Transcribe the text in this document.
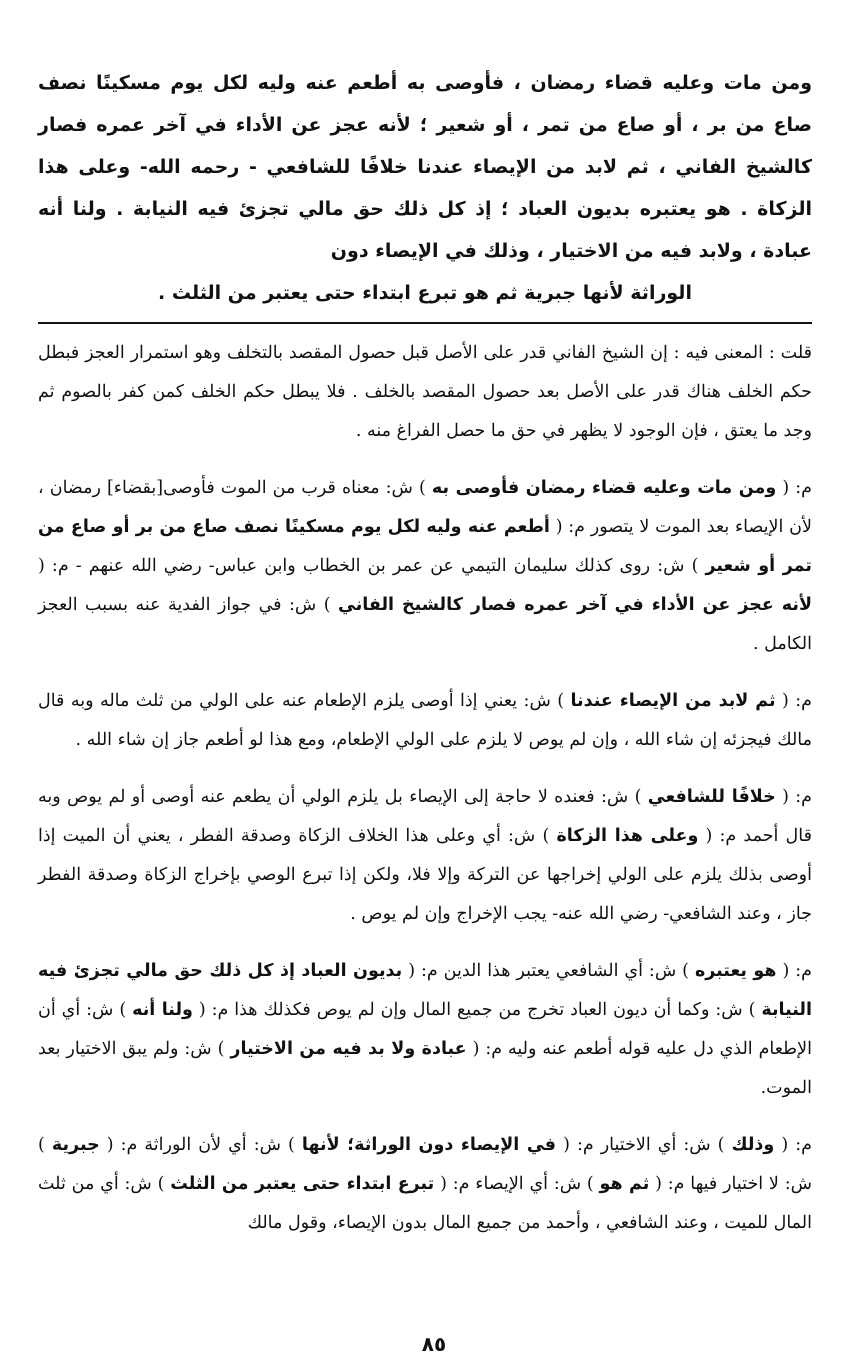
ومن مات وعليه قضاء رمضان ، فأوصى به أطعم عنه وليه لكل يوم مسكينًا نصف صاع من بر ، أو صاع من تمر ، أو شعير ؛ لأنه عجز عن الأداء في آخر عمره فصار كالشيخ الفاني ، ثم لابد من الإيصاء عندنا خلافًا للشافعي - رحمه الله- وعلى هذا الزكاة . هو يعتبره بديون العباد ؛ إذ كل ذلك حق مالي تجزئ فيه النيابة . ولنا أنه عبادة ، ولابد فيه من الاختيار ، وذلك في الإيصاء دون

الوراثة لأنها جبرية ثم هو تبرع ابتداء حتى يعتبر من الثلث .

قلت : المعنى فيه : إن الشيخ الفاني قدر على الأصل قبل حصول المقصد بالتخلف وهو استمرار العجز فبطل حكم الخلف هناك قدر على الأصل بعد حصول المقصد بالخلف . فلا يبطل حكم الخلف كمن كفر بالصوم ثم وجد ما يعتق ، فإن الوجود لا يظهر في حق ما حصل الفراغ منه .

م: ( ومن مات وعليه قضاء رمضان فأوصى به ) ش: معناه قرب من الموت فأوصى[بقضاء] رمضان ، لأن الإيصاء بعد الموت لا يتصور م: ( أطعم عنه وليه لكل يوم مسكينًا نصف صاع من بر أو صاع من تمر أو شعير ) ش: روى كذلك سليمان التيمي عن عمر بن الخطاب وابن عباس- رضي الله عنهم - م: ( لأنه عجز عن الأداء في آخر عمره فصار كالشيخ الفاني ) ش: في جواز الفدية عنه بسبب العجز الكامل .

م: ( ثم لابد من الإيصاء عندنا ) ش: يعني إذا أوصى يلزم الإطعام عنه على الولي من ثلث ماله وبه قال مالك فيجزئه إن شاء الله ، وإن لم يوص لا يلزم على الولي الإطعام، ومع هذا لو أطعم جاز إن شاء الله .

م: ( خلافًا للشافعي ) ش: فعنده لا حاجة إلى الإيصاء بل يلزم الولي أن يطعم عنه أوصى أو لم يوص وبه قال أحمد م: ( وعلى هذا الزكاة ) ش: أي وعلى هذا الخلاف الزكاة وصدقة الفطر ، يعني أن الميت إذا أوصى بذلك يلزم على الولي إخراجها عن التركة وإلا فلا، ولكن إذا تبرع الوصي بإخراج الزكاة وصدقة الفطر جاز ، وعند الشافعي- رضي الله عنه- يجب الإخراج وإن لم يوص .

م: ( هو يعتبره ) ش: أي الشافعي يعتبر هذا الدين م: ( بديون العباد إذ كل ذلك حق مالي تجزئ فيه النيابة ) ش: وكما أن ديون العباد تخرج من جميع المال وإن لم يوص فكذلك هذا م: ( ولنا أنه ) ش: أي أن الإطعام الذي دل عليه قوله أطعم عنه وليه م: ( عبادة ولا بد فيه من الاختيار ) ش: ولم يبق الاختيار بعد الموت.

م: ( وذلك ) ش: أي الاختيار م: ( في الإيصاء دون الوراثة؛ لأنها ) ش: أي لأن الوراثة م: ( جبرية ) ش: لا اختيار فيها م: ( ثم هو ) ش: أي الإيصاء م: ( تبرع ابتداء حتى يعتبر من الثلث ) ش: أي من ثلث المال للميت ، وعند الشافعي ، وأحمد من جميع المال بدون الإيصاء، وقول مالك

٨٥
